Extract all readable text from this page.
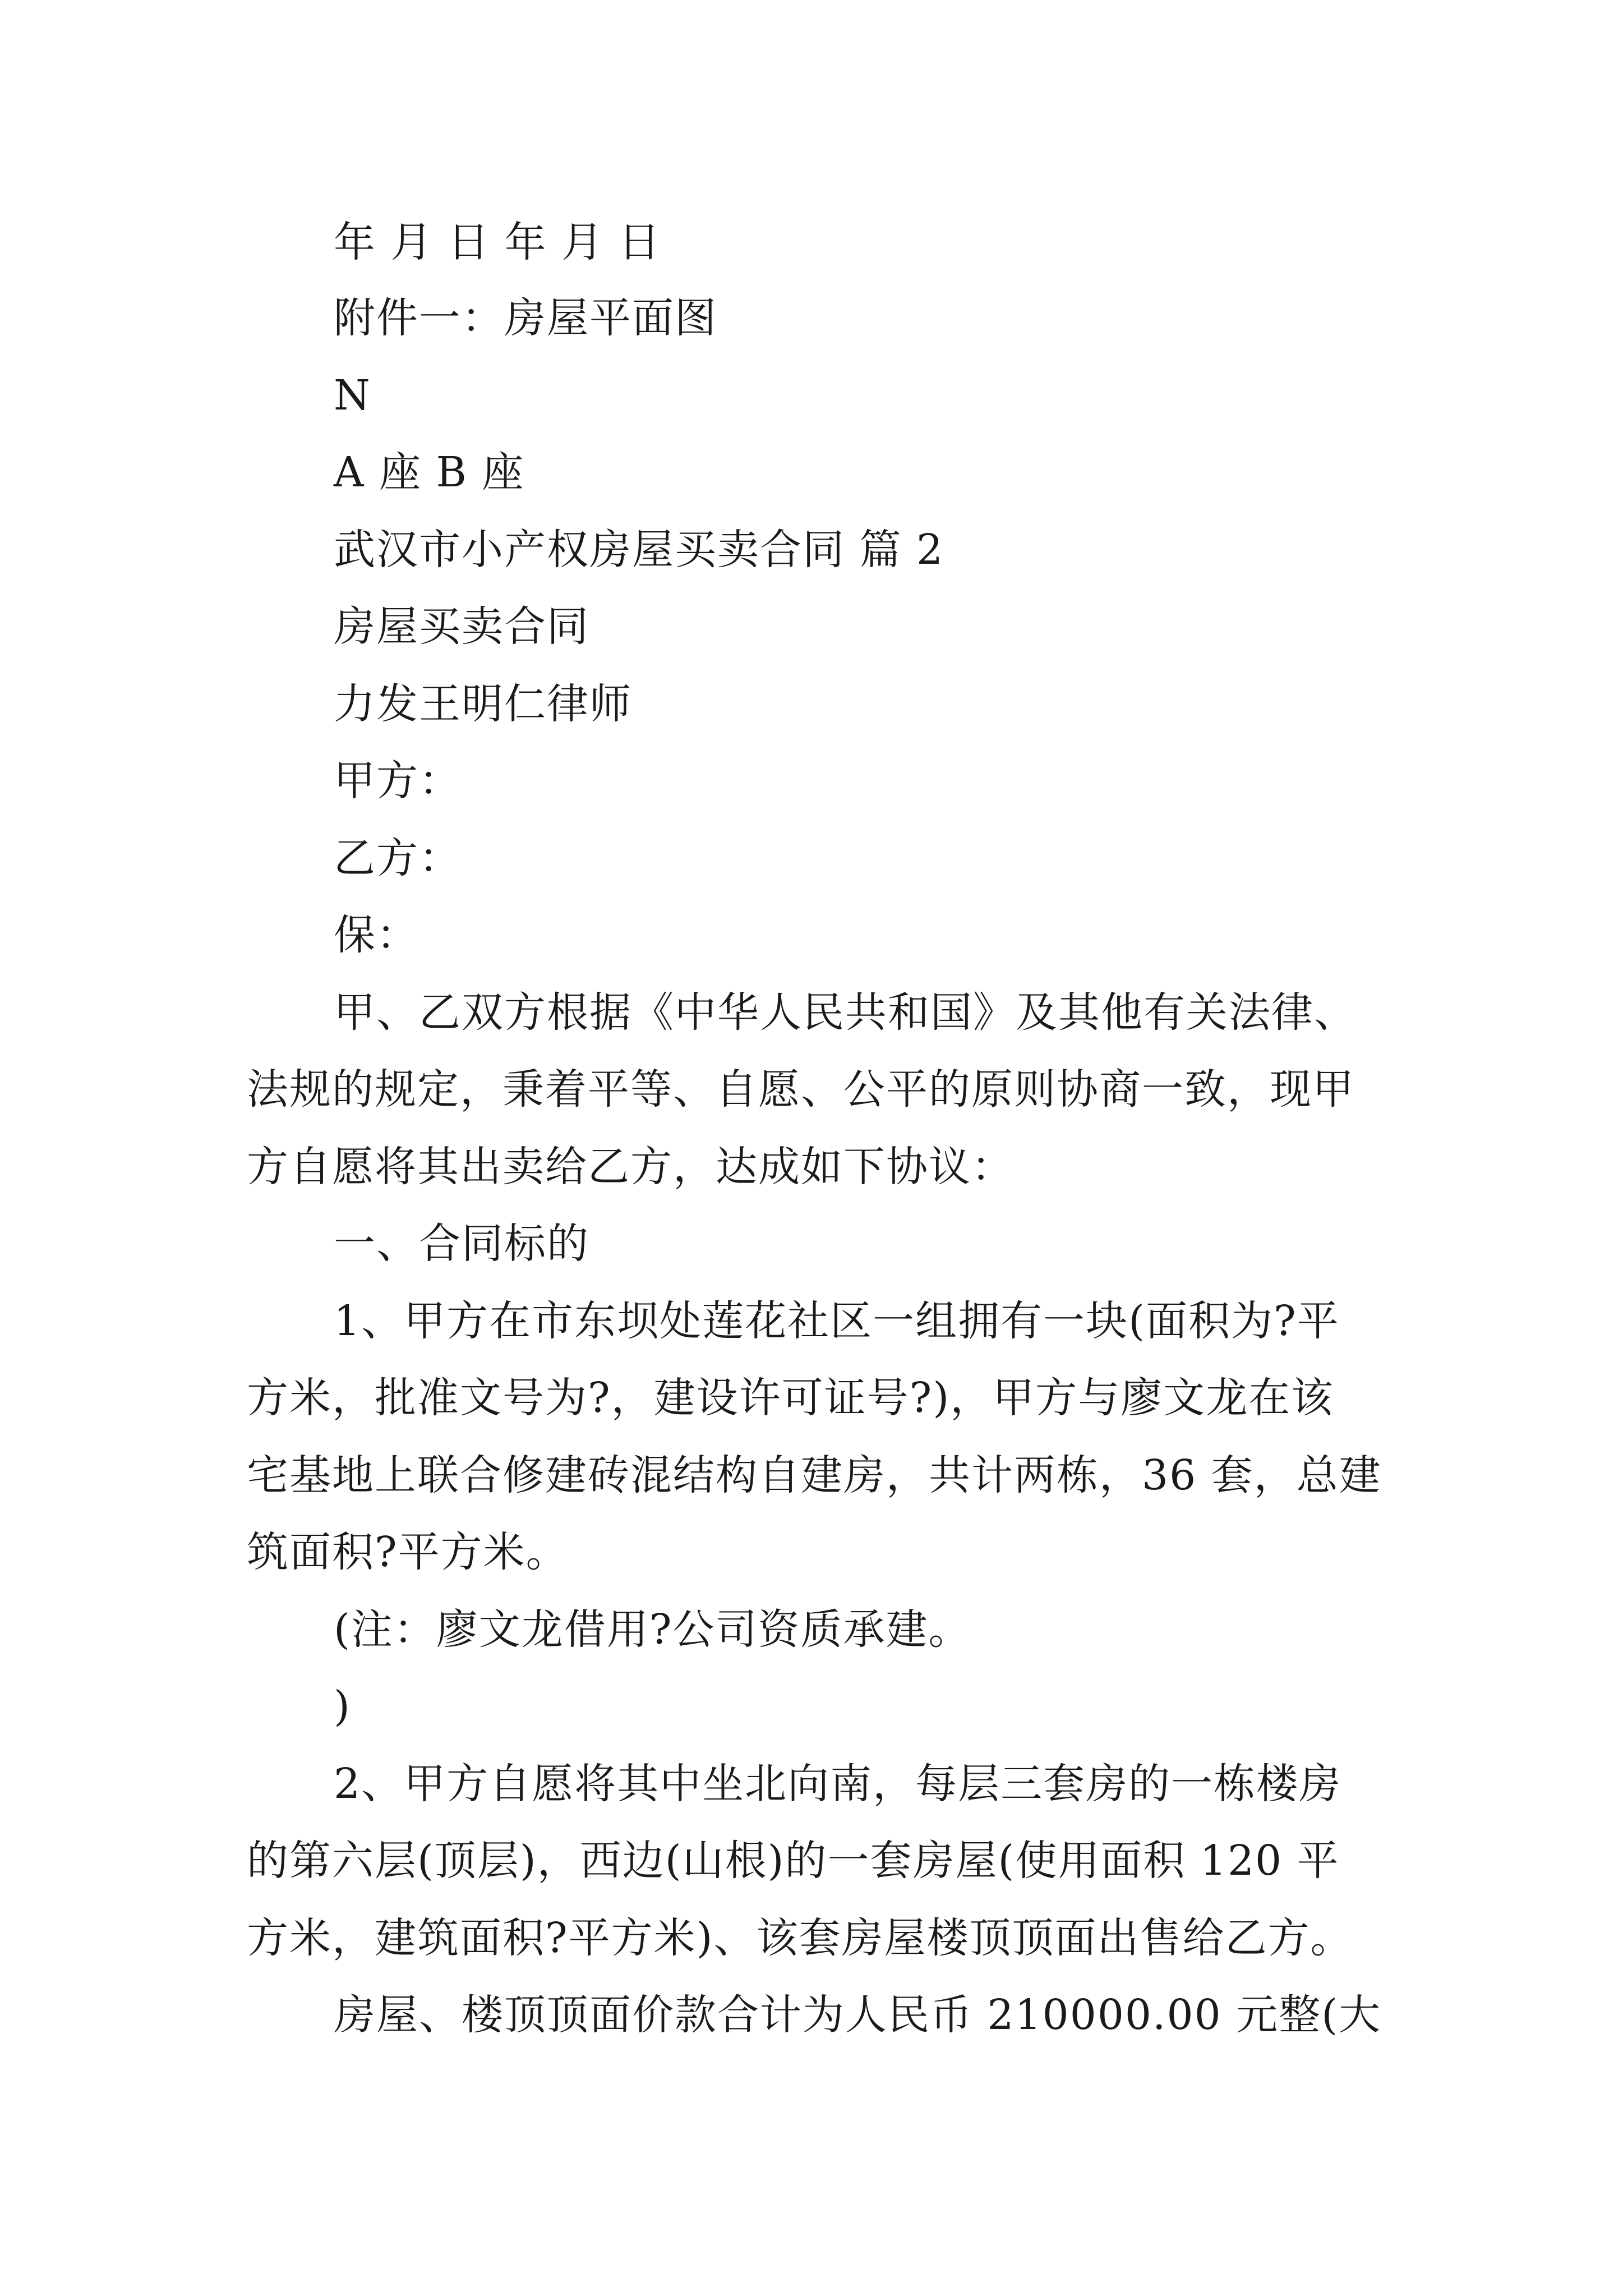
年 月 日 年 月 日
附件一：房屋平面图
N
A 座 B 座
武汉市小产权房屋买卖合同 篇 2
房屋买卖合同
力发王明仁律师
甲方：
乙方：
保：
甲、乙双方根据《中华人民共和国》及其他有关法律、
法规的规定，秉着平等、自愿、公平的原则协商一致，现甲
方自愿将其出卖给乙方，达成如下协议：
一、合同标的
1、甲方在市东坝处莲花社区一组拥有一块(面积为?平
方米，批准文号为?，建设许可证号?)，甲方与廖文龙在该
宅基地上联合修建砖混结构自建房，共计两栋，36 套，总建
筑面积?平方米。
(注：廖文龙借用?公司资质承建。
)
2、甲方自愿将其中坐北向南，每层三套房的一栋楼房
的第六层(顶层)，西边(山根)的一套房屋(使用面积 120 平
方米，建筑面积?平方米)、该套房屋楼顶顶面出售给乙方。
房屋、楼顶顶面价款合计为人民币 210000.00 元整(大
